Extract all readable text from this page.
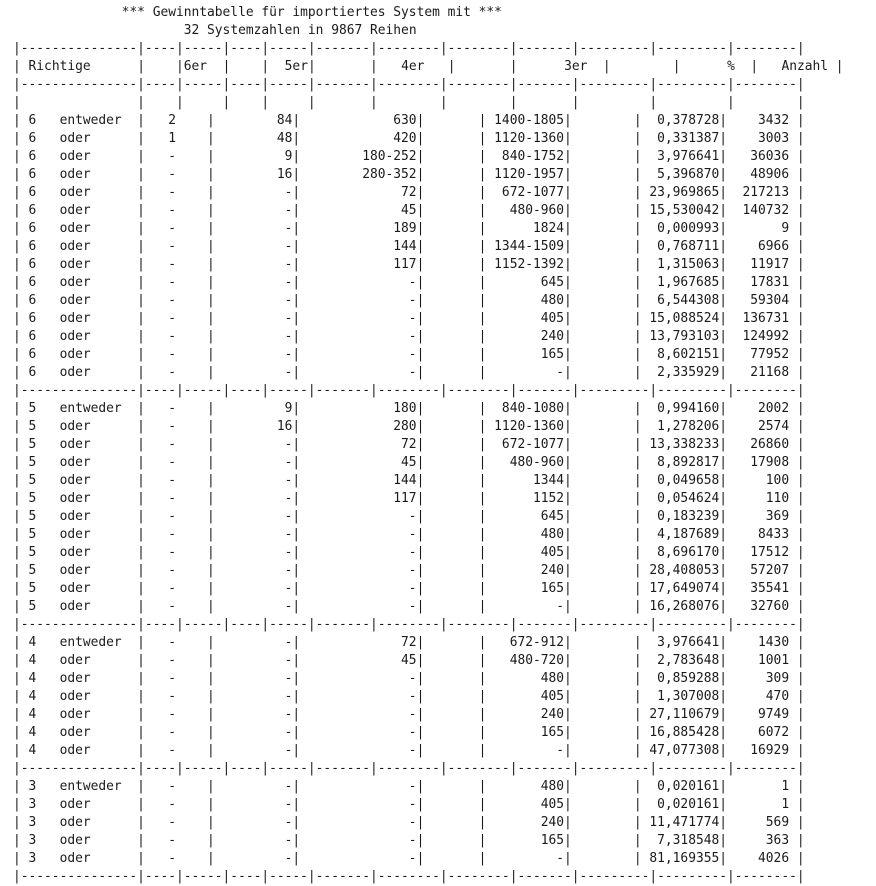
*** Gewinntabelle für importiertes System mit ***
32 Systemzahlen in 9867 Reihen
|---------------|----|-----|----|-----|-------|--------|--------|-------|---------|---------|--------|
| Richtige      |    |6er  |    |  5er|       |   4er   |       |      3er  |        |      %  |   Anzahl |
|---------------|----|-----|----|-----|-------|--------|--------|-------|---------|---------|--------|
|               |    |     |    |     |       |        |        |       |         |         |        |
| 6   entweder  |   2    |        84|            630|       | 1400-1805|        |  0,378728|    3432 |
| 6   oder      |   1    |        48|            420|       | 1120-1360|        |  0,331387|    3003 |
| 6   oder      |   -    |         9|        180-252|       |  840-1752|        |  3,976641|   36036 |
| 6   oder      |   -    |        16|        280-352|       | 1120-1957|        |  5,396870|   48906 |
| 6   oder      |   -    |         -|             72|       |  672-1077|        | 23,969865|  217213 |
| 6   oder      |   -    |         -|             45|       |   480-960|        | 15,530042|  140732 |
| 6   oder      |   -    |         -|            189|       |      1824|        |  0,000993|       9 |
| 6   oder      |   -    |         -|            144|       | 1344-1509|        |  0,768711|    6966 |
| 6   oder      |   -    |         -|            117|       | 1152-1392|        |  1,315063|   11917 |
| 6   oder      |   -    |         -|              -|       |       645|        |  1,967685|   17831 |
| 6   oder      |   -    |         -|              -|       |       480|        |  6,544308|   59304 |
| 6   oder      |   -    |         -|              -|       |       405|        | 15,088524|  136731 |
| 6   oder      |   -    |         -|              -|       |       240|        | 13,793103|  124992 |
| 6   oder      |   -    |         -|              -|       |       165|        |  8,602151|   77952 |
| 6   oder      |   -    |         -|              -|       |         -|        |  2,335929|   21168 |
|---------------|----|-----|----|-----|-------|--------|--------|-------|---------|---------|--------|
| 5   entweder  |   -    |         9|            180|       |  840-1080|        |  0,994160|    2002 |
| 5   oder      |   -    |        16|            280|       | 1120-1360|        |  1,278206|    2574 |
| 5   oder      |   -    |         -|             72|       |  672-1077|        | 13,338233|   26860 |
| 5   oder      |   -    |         -|             45|       |   480-960|        |  8,892817|   17908 |
| 5   oder      |   -    |         -|            144|       |      1344|        |  0,049658|     100 |
| 5   oder      |   -    |         -|            117|       |      1152|        |  0,054624|     110 |
| 5   oder      |   -    |         -|              -|       |       645|        |  0,183239|     369 |
| 5   oder      |   -    |         -|              -|       |       480|        |  4,187689|    8433 |
| 5   oder      |   -    |         -|              -|       |       405|        |  8,696170|   17512 |
| 5   oder      |   -    |         -|              -|       |       240|        | 28,408053|   57207 |
| 5   oder      |   -    |         -|              -|       |       165|        | 17,649074|   35541 |
| 5   oder      |   -    |         -|              -|       |         -|        | 16,268076|   32760 |
|---------------|----|-----|----|-----|-------|--------|--------|-------|---------|---------|--------|
| 4   entweder  |   -    |         -|             72|       |   672-912|        |  3,976641|    1430 |
| 4   oder      |   -    |         -|             45|       |   480-720|        |  2,783648|    1001 |
| 4   oder      |   -    |         -|              -|       |       480|        |  0,859288|     309 |
| 4   oder      |   -    |         -|              -|       |       405|        |  1,307008|     470 |
| 4   oder      |   -    |         -|              -|       |       240|        | 27,110679|    9749 |
| 4   oder      |   -    |         -|              -|       |       165|        | 16,885428|    6072 |
| 4   oder      |   -    |         -|              -|       |         -|        | 47,077308|   16929 |
|---------------|----|-----|----|-----|-------|--------|--------|-------|---------|---------|--------|
| 3   entweder  |   -    |         -|              -|       |       480|        |  0,020161|       1 |
| 3   oder      |   -    |         -|              -|       |       405|        |  0,020161|       1 |
| 3   oder      |   -    |         -|              -|       |       240|        | 11,471774|     569 |
| 3   oder      |   -    |         -|              -|       |       165|        |  7,318548|     363 |
| 3   oder      |   -    |         -|              -|       |         -|        | 81,169355|    4026 |
|---------------|----|-----|----|-----|-------|--------|--------|-------|---------|---------|--------|
